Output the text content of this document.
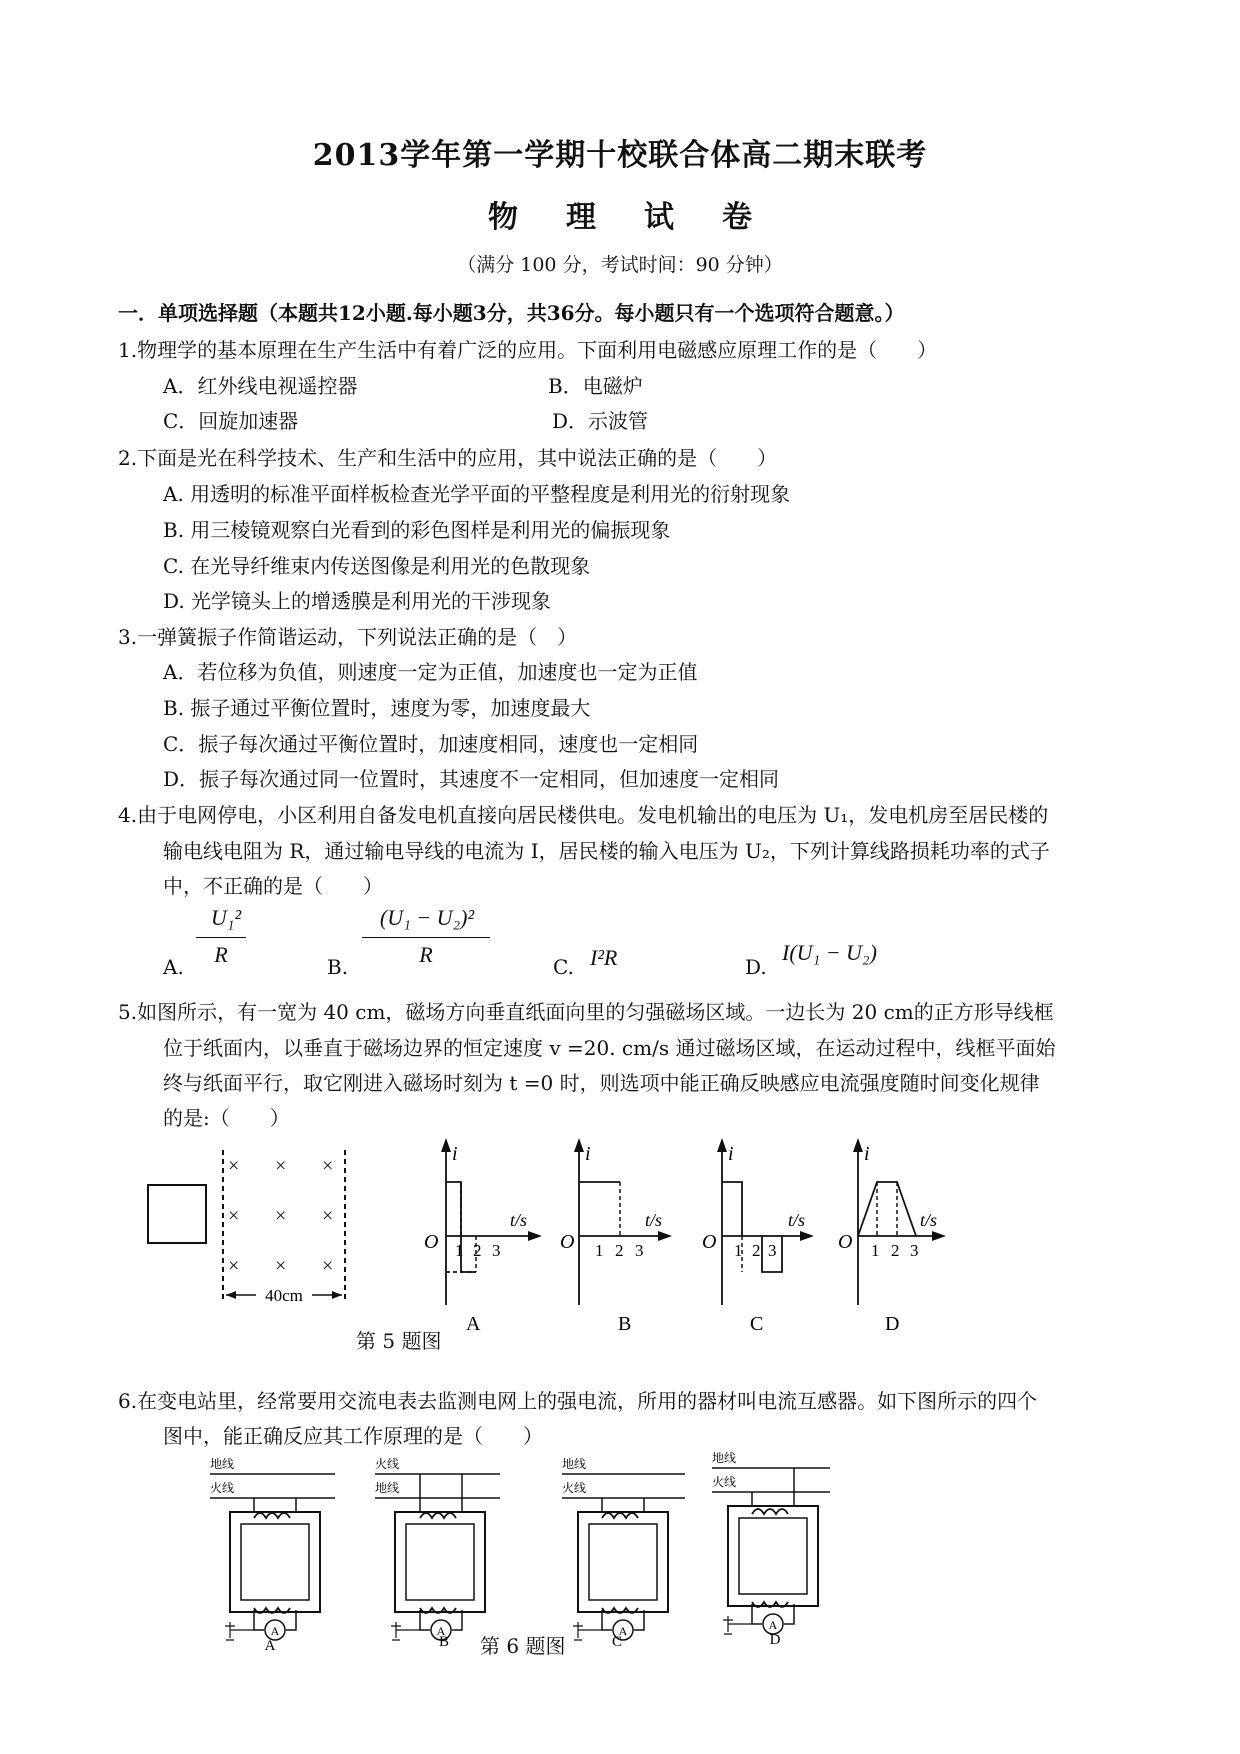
2013学年第一学期十校联合体高二期末联考
物 理 试 卷
（满分 100 分，考试时间：90 分钟）
一．单项选择题（本题共12小题.每小题3分，共36分。每小题只有一个选项符合题意。）
1.物理学的基本原理在生产生活中有着广泛的应用。下面利用电磁感应原理工作的是（　　）
A．红外线电视遥控器	B．电磁炉
C．回旋加速器	D．示波管
2.下面是光在科学技术、生产和生活中的应用，其中说法正确的是（　　）
A. 用透明的标准平面样板检查光学平面的平整程度是利用光的衍射现象
B. 用三棱镜观察白光看到的彩色图样是利用光的偏振现象
C. 在光导纤维束内传送图像是利用光的色散现象
D. 光学镜头上的增透膜是利用光的干涉现象
3.一弹簧振子作简谐运动，下列说法正确的是（　）
A．若位移为负值，则速度一定为正值，加速度也一定为正值
B. 振子通过平衡位置时，速度为零，加速度最大
C．振子每次通过平衡位置时，加速度相同，速度也一定相同
D．振子每次通过同一位置时，其速度不一定相同，但加速度一定相同
4.由于电网停电，小区利用自备发电机直接向居民楼供电。发电机输出的电压为 U₁，发电机房至居民楼的
输电线电阻为 R，通过输电导线的电流为 I，居民楼的输入电压为 U₂，下列计算线路损耗功率的式子
中，不正确的是（　　）
A.
U₁²
R	B.
(U₁ − U₂)²
R	C. I²R	D.
I(U₁ − U₂)
5.如图所示，有一宽为 40 cm，磁场方向垂直纸面向里的匀强磁场区域。一边长为 20 cm的正方形导线框
位于纸面内，以垂直于磁场边界的恒定速度 v =20. cm/s 通过磁场区域，在运动过程中，线框平面始
终与纸面平行，取它刚进入磁场时刻为 t =0 时，则选项中能正确反映感应电流强度随时间变化规律
的是:（　　）
× × ×
× × ×
× × ×
40cm
i
t/s
O 1 2 3
A
i
t/s
O 1 2 3
B
i
t/s
O 1 2 3
C
i
t/s
O 1 2 3
D
第 5 题图
6.在变电站里，经常要用交流电表去监测电网上的强电流，所用的器材叫电流互感器。如下图所示的四个
图中，能正确反应其工作原理的是（　　）
地线
火线
A
A
火线
地线
A
B
地线
火线
A
C
地线
火线
A
D
第 6 题图
